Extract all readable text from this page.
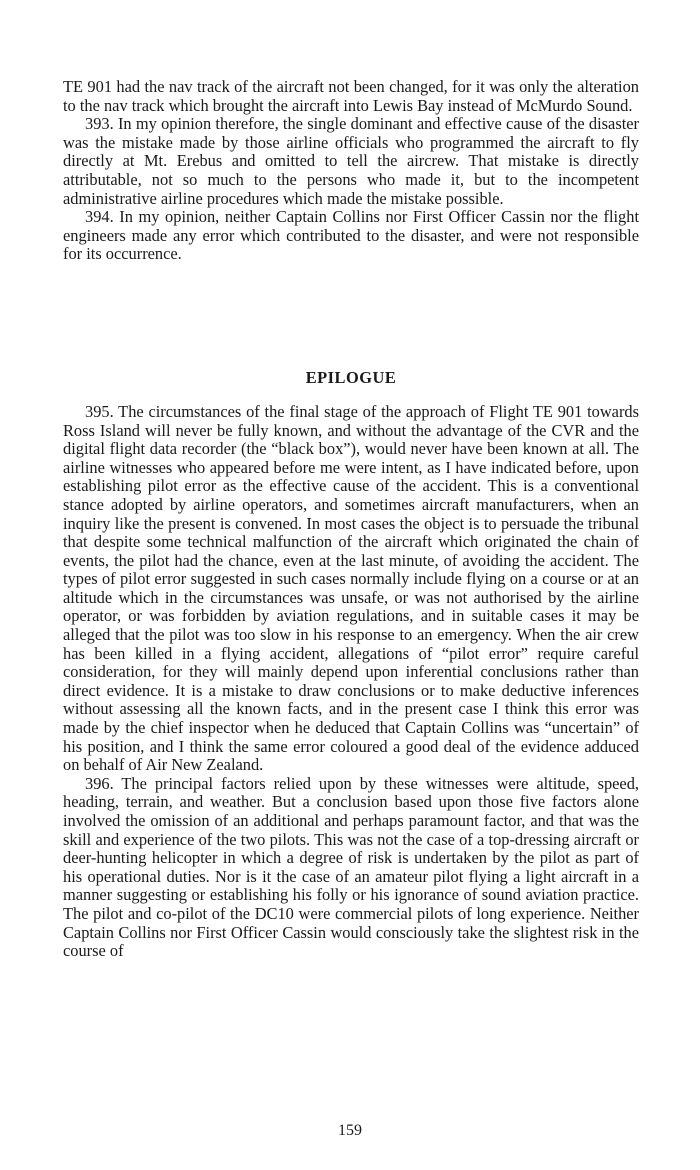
TE 901 had the nav track of the aircraft not been changed, for it was only the alteration to the nav track which brought the aircraft into Lewis Bay instead of McMurdo Sound.

393. In my opinion therefore, the single dominant and effective cause of the disaster was the mistake made by those airline officials who programmed the aircraft to fly directly at Mt. Erebus and omitted to tell the aircrew. That mistake is directly attributable, not so much to the persons who made it, but to the incompetent administrative airline procedures which made the mistake possible.

394. In my opinion, neither Captain Collins nor First Officer Cassin nor the flight engineers made any error which contributed to the disaster, and were not responsible for its occurrence.

EPILOGUE

395. The circumstances of the final stage of the approach of Flight TE 901 towards Ross Island will never be fully known, and without the advantage of the CVR and the digital flight data recorder (the “black box”), would never have been known at all. The airline witnesses who appeared before me were intent, as I have indicated before, upon establishing pilot error as the effective cause of the accident. This is a conventional stance adopted by airline operators, and sometimes aircraft manufacturers, when an inquiry like the present is convened. In most cases the object is to persuade the tribunal that despite some technical malfunction of the aircraft which originated the chain of events, the pilot had the chance, even at the last minute, of avoiding the accident. The types of pilot error suggested in such cases normally include flying on a course or at an altitude which in the circumstances was unsafe, or was not authorised by the airline operator, or was forbidden by aviation regulations, and in suitable cases it may be alleged that the pilot was too slow in his response to an emergency. When the air crew has been killed in a flying accident, allegations of “pilot error” require careful consideration, for they will mainly depend upon inferential conclusions rather than direct evidence. It is a mistake to draw conclusions or to make deductive inferences without assessing all the known facts, and in the present case I think this error was made by the chief inspector when he deduced that Captain Collins was “uncertain” of his position, and I think the same error coloured a good deal of the evidence adduced on behalf of Air New Zealand.

396. The principal factors relied upon by these witnesses were altitude, speed, heading, terrain, and weather. But a conclusion based upon those five factors alone involved the omission of an additional and perhaps paramount factor, and that was the skill and experience of the two pilots. This was not the case of a top-dressing aircraft or deer-hunting helicopter in which a degree of risk is undertaken by the pilot as part of his operational duties. Nor is it the case of an amateur pilot flying a light aircraft in a manner suggesting or establishing his folly or his ignorance of sound aviation practice. The pilot and co-pilot of the DC10 were commercial pilots of long experience. Neither Captain Collins nor First Officer Cassin would consciously take the slightest risk in the course of

159
